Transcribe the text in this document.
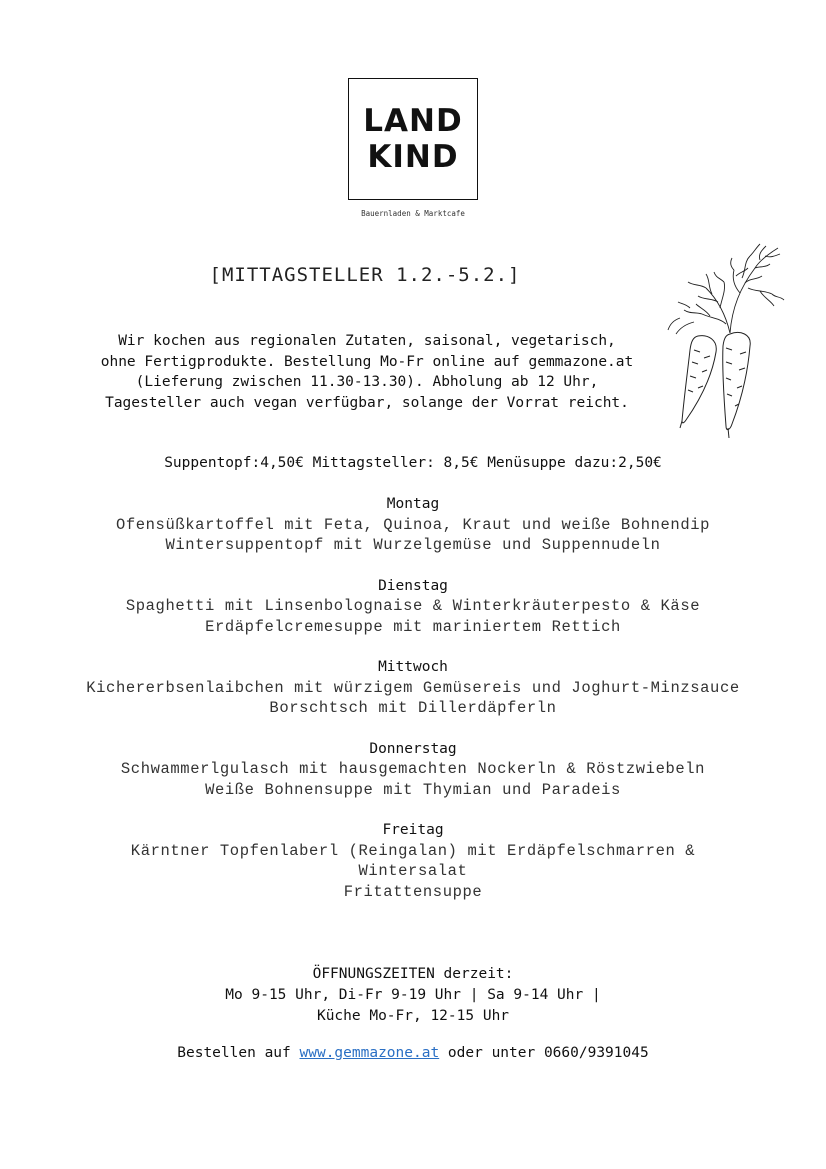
LAND
KIND
Bauernladen & Marktcafe
[MITTAGSTELLER 1.2.-5.2.]
Wir kochen aus regionalen Zutaten, saisonal, vegetarisch, ohne Fertigprodukte. Bestellung Mo-Fr online auf gemmazone.at (Lieferung zwischen 11.30-13.30). Abholung ab 12 Uhr, Tagesteller auch vegan verfügbar, solange der Vorrat reicht.
Suppentopf:4,50€ Mittagsteller: 8,5€ Menüsuppe dazu:2,50€
Montag
Ofensüßkartoffel mit Feta, Quinoa, Kraut und weiße Bohnendip
Wintersuppentopf mit Wurzelgemüse und Suppennudeln
Dienstag
Spaghetti mit Linsenbolognaise & Winterkräuterpesto & Käse
Erdäpfelcremesuppe mit mariniertem Rettich
Mittwoch
Kichererbsenlaibchen mit würzigem Gemüsereis und Joghurt-Minzsauce
Borschtsch mit Dillerdäpferln
Donnerstag
Schwammerlgulasch mit hausgemachten Nockerln & Röstzwiebeln
Weiße Bohnensuppe mit Thymian und Paradeis
Freitag
Kärntner Topfenlaberl (Reingalan) mit Erdäpfelschmarren & Wintersalat
Fritattensuppe
ÖFFNUNGSZEITEN derzeit:
Mo 9-15 Uhr, Di-Fr 9-19 Uhr | Sa 9-14 Uhr |
Küche Mo-Fr, 12-15 Uhr
Bestellen auf www.gemmazone.at oder unter 0660/9391045
